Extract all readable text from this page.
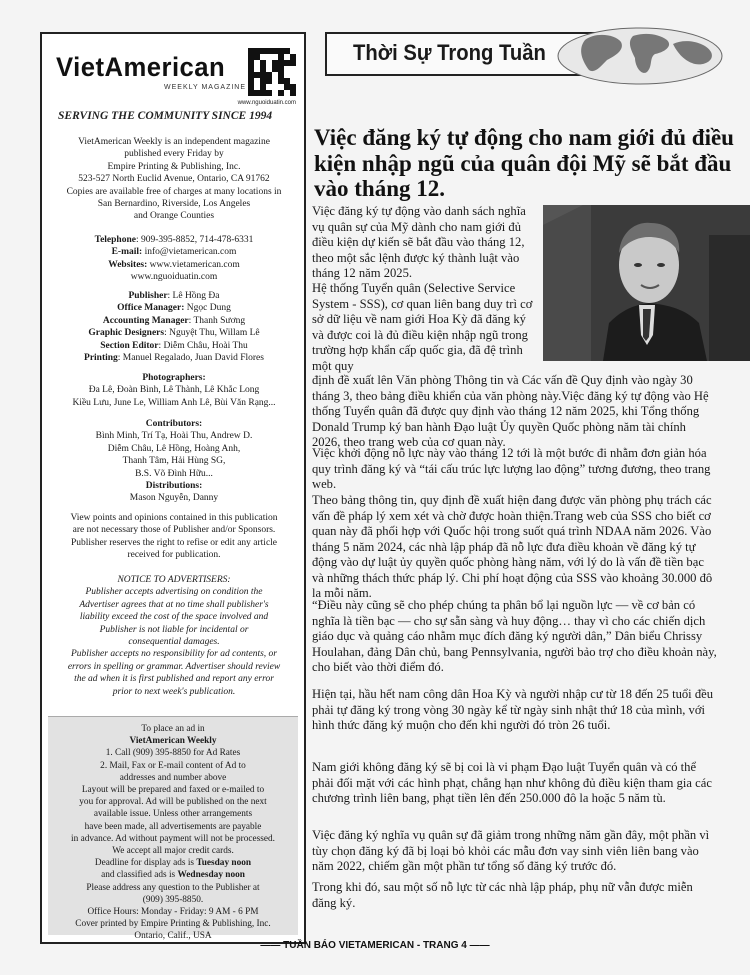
VietAmerican
WEEKLY MAGAZINE
www.nguoiduatin.com
SERVING THE COMMUNITY SINCE 1994

VietAmerican Weekly is an independent magazine

published every Friday by

Empire Printing & Publishing, Inc.

523-527 North Euclid Avenue, Ontario, CA 91762

Copies are available free of charges at many locations in

San Bernardino, Riverside, Los Angeles

and Orange Counties

Telephone: 909-395-8852, 714-478-6331

E-mail: info@vietamerican.com

Websites: www.vietamerican.com

www.nguoiduatin.com

Publisher: Lê Hồng Đa

Office Manager: Ngọc Dung

Accounting Manager: Thanh Sương

Graphic Designers: Nguyệt Thu, Willam Lê

Section Editor: Diễm Châu, Hoài Thu

Printing: Manuel Regalado, Juan David Flores

Photographers:

Đa Lê, Đoàn Bình, Lê Thành, Lê Khắc Long

Kiều Lưu, June Le, William Anh Lê, Bùi Văn Rạng...

Contributors:

Bình Minh, Trí Tạ, Hoài Thu, Andrew D.

Diễm Châu, Lê Hồng, Hoàng Anh,

Thanh Tâm, Hải Hùng SG,

B.S. Võ Đình Hữu...

Distributions:

Mason Nguyễn, Danny

View points and opinions contained in this publication

are not necessary those of Publisher and/or Sponsors.

Publisher reserves the right to refise or edit any article

received for publication.

NOTICE TO ADVERTISERS:

Publisher accepts advertising on condition the

Advertiser agrees that at no time shall publisher's

liability exceed the cost of the space involved and

Publisher is not liable for incidental or

consequential damages.

Publisher accepts no responsibility for ad contents, or

errors in spelling or grammar. Advertiser should review

the ad when it is first published and report any error

prior to next week's publication.

To place an ad in

VietAmerican Weekly

1. Call (909) 395-8850 for Ad Rates

2. Mail, Fax or E-mail content of Ad to

addresses and number above

Layout will be prepared and faxed or e-mailed to

you for approval. Ad will be published on the next

available issue. Unless other arrangements

have been made, all advertisements are payable

in advance. Ad without payment will not be processed.

We accept all major credit cards.

Deadline for display ads is Tuesday noon

and classified ads is Wednesday noon

Please address any question to the Publisher at

(909) 395-8850.

Office Hours: Monday - Friday: 9 AM - 6 PM

Cover printed by Empire Printing & Publishing, Inc.

Ontario, Calif., USA

Thời Sự Trong Tuần
Việc đăng ký tự động cho nam giới đủ điều kiện nhập ngũ của quân đội Mỹ sẽ bắt đầu vào tháng 12.

Việc đăng ký tự động vào danh sách nghĩa vụ quân sự của Mỹ dành cho nam giới đủ điều kiện dự kiến sẽ bắt đầu vào tháng 12, theo một sắc lệnh được ký thành luật vào tháng 12 năm 2025.

Hệ thống Tuyển quân (Selective Service System - SSS), cơ quan liên bang duy trì cơ sở dữ liệu về nam giới Hoa Kỳ đã đăng ký và được coi là đủ điều kiện nhập ngũ trong trường hợp khẩn cấp quốc gia, đã đệ trình một quy

định đề xuất lên Văn phòng Thông tin và Các vấn đề Quy định vào ngày 30 tháng 3, theo bảng điều khiển của văn phòng này.Việc đăng ký tự động vào Hệ thống Tuyển quân đã được quy định vào tháng 12 năm 2025, khi Tổng thống Donald Trump ký ban hành Đạo luật Ủy quyền Quốc phòng năm tài chính 2026, theo trang web của cơ quan này.

Việc khởi động nỗ lực này vào tháng 12 tới là một bước đi nhằm đơn giản hóa quy trình đăng ký và “tái cấu trúc lực lượng lao động” tương đương, theo trang web.

Theo bảng thông tin, quy định đề xuất hiện đang được văn phòng phụ trách các vấn đề pháp lý xem xét và chờ được hoàn thiện.Trang web của SSS cho biết cơ quan này đã phối hợp với Quốc hội trong suốt quá trình NDAA năm 2026. Vào tháng 5 năm 2024, các nhà lập pháp đã nỗ lực đưa điều khoản về đăng ký tự động vào dự luật ủy quyền quốc phòng hàng năm, với lý do là vấn đề tiền bạc và những thách thức pháp lý. Chi phí hoạt động của SSS vào khoảng 30.000 đô la mỗi năm.

“Điều này cũng sẽ cho phép chúng ta phân bổ lại nguồn lực — về cơ bản có nghĩa là tiền bạc — cho sự sẵn sàng và huy động… thay vì cho các chiến dịch giáo dục và quảng cáo nhằm mục đích đăng ký người dân,” Dân biểu Chrissy Houlahan, đảng Dân chủ, bang Pennsylvania, người bảo trợ cho điều khoản này, cho biết vào thời điểm đó.

Hiện tại, hầu hết nam công dân Hoa Kỳ và người nhập cư từ 18 đến 25 tuổi đều phải tự đăng ký trong vòng 30 ngày kể từ ngày sinh nhật thứ 18 của mình, với hình thức đăng ký muộn cho đến khi người đó tròn 26 tuổi.

Nam giới không đăng ký sẽ bị coi là vi phạm Đạo luật Tuyển quân và có thể phải đối mặt với các hình phạt, chẳng hạn như không đủ điều kiện tham gia các chương trình liên bang, phạt tiền lên đến 250.000 đô la hoặc 5 năm tù.

Việc đăng ký nghĩa vụ quân sự đã giảm trong những năm gần đây, một phần vì tùy chọn đăng ký đã bị loại bỏ khỏi các mẫu đơn vay sinh viên liên bang vào năm 2022, chiếm gần một phần tư tổng số đăng ký trước đó.

Trong khi đó, sau một số nỗ lực từ các nhà lập pháp, phụ nữ vẫn được miễn đăng ký.

—— TUẦN BÁO VIETAMERICAN - TRANG 4 ——
